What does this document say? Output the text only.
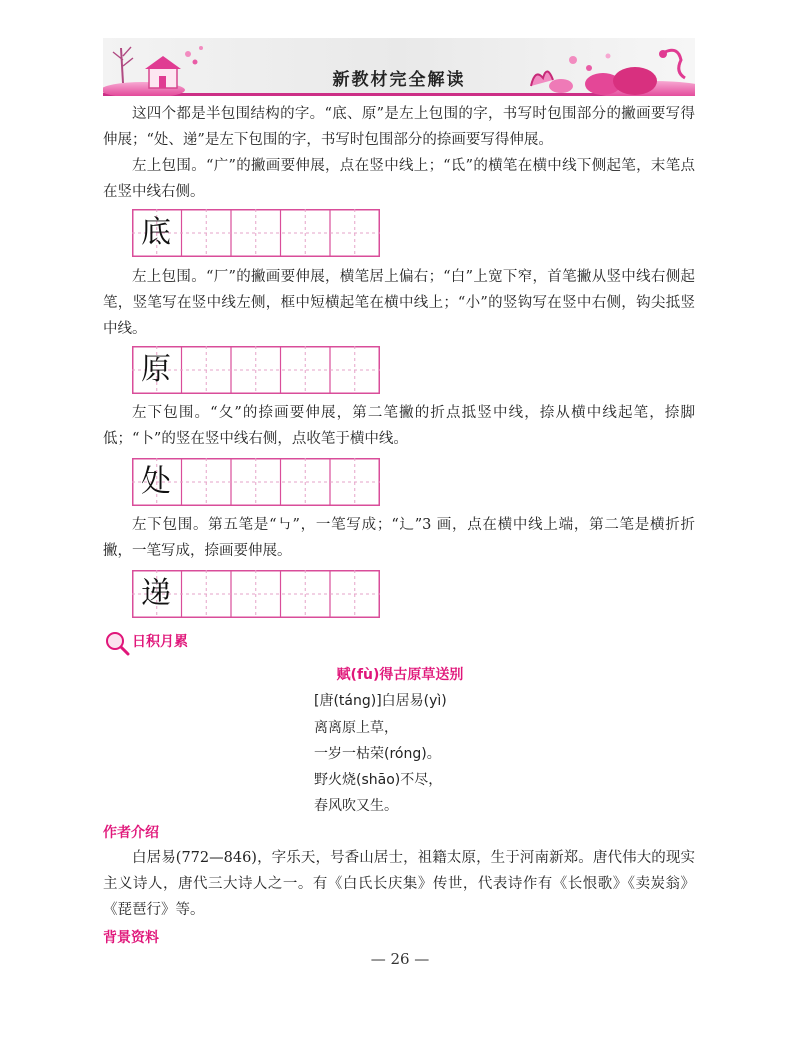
新教材完全解读

这四个都是半包围结构的字。“底、原”是左上包围的字，书写时包围部分的撇画要写得伸展；“处、递”是左下包围的字，书写时包围部分的捺画要写得伸展。

左上包围。“广”的撇画要伸展，点在竖中线上；“氐”的横笔在横中线下侧起笔，末笔点在竖中线右侧。

底

左上包围。“厂”的撇画要伸展，横笔居上偏右；“白”上宽下窄，首笔撇从竖中线右侧起笔，竖笔写在竖中线左侧，框中短横起笔在横中线上；“小”的竖钩写在竖中右侧，钩尖抵竖中线。

原

左下包围。“夂”的捺画要伸展，第二笔撇的折点抵竖中线，捺从横中线起笔，捺脚低；“卜”的竖在竖中线右侧，点收笔于横中线。

处

左下包围。第五笔是“㇉”，一笔写成；“辶”3 画，点在横中线上端，第二笔是横折折撇，一笔写成，捺画要伸展。

递
日积月累
赋(fù)得古原草送别
[唐(táng)]白居易(yì)
离离原上草，
一岁一枯荣(róng)。
野火烧(shāo)不尽，
春风吹又生。
作者介绍

白居易(772—846)，字乐天，号香山居士，祖籍太原，生于河南新郑。唐代伟大的现实主义诗人，唐代三大诗人之一。有《白氏长庆集》传世，代表诗作有《长恨歌》《卖炭翁》《琵琶行》等。

背景资料
— 26 —
